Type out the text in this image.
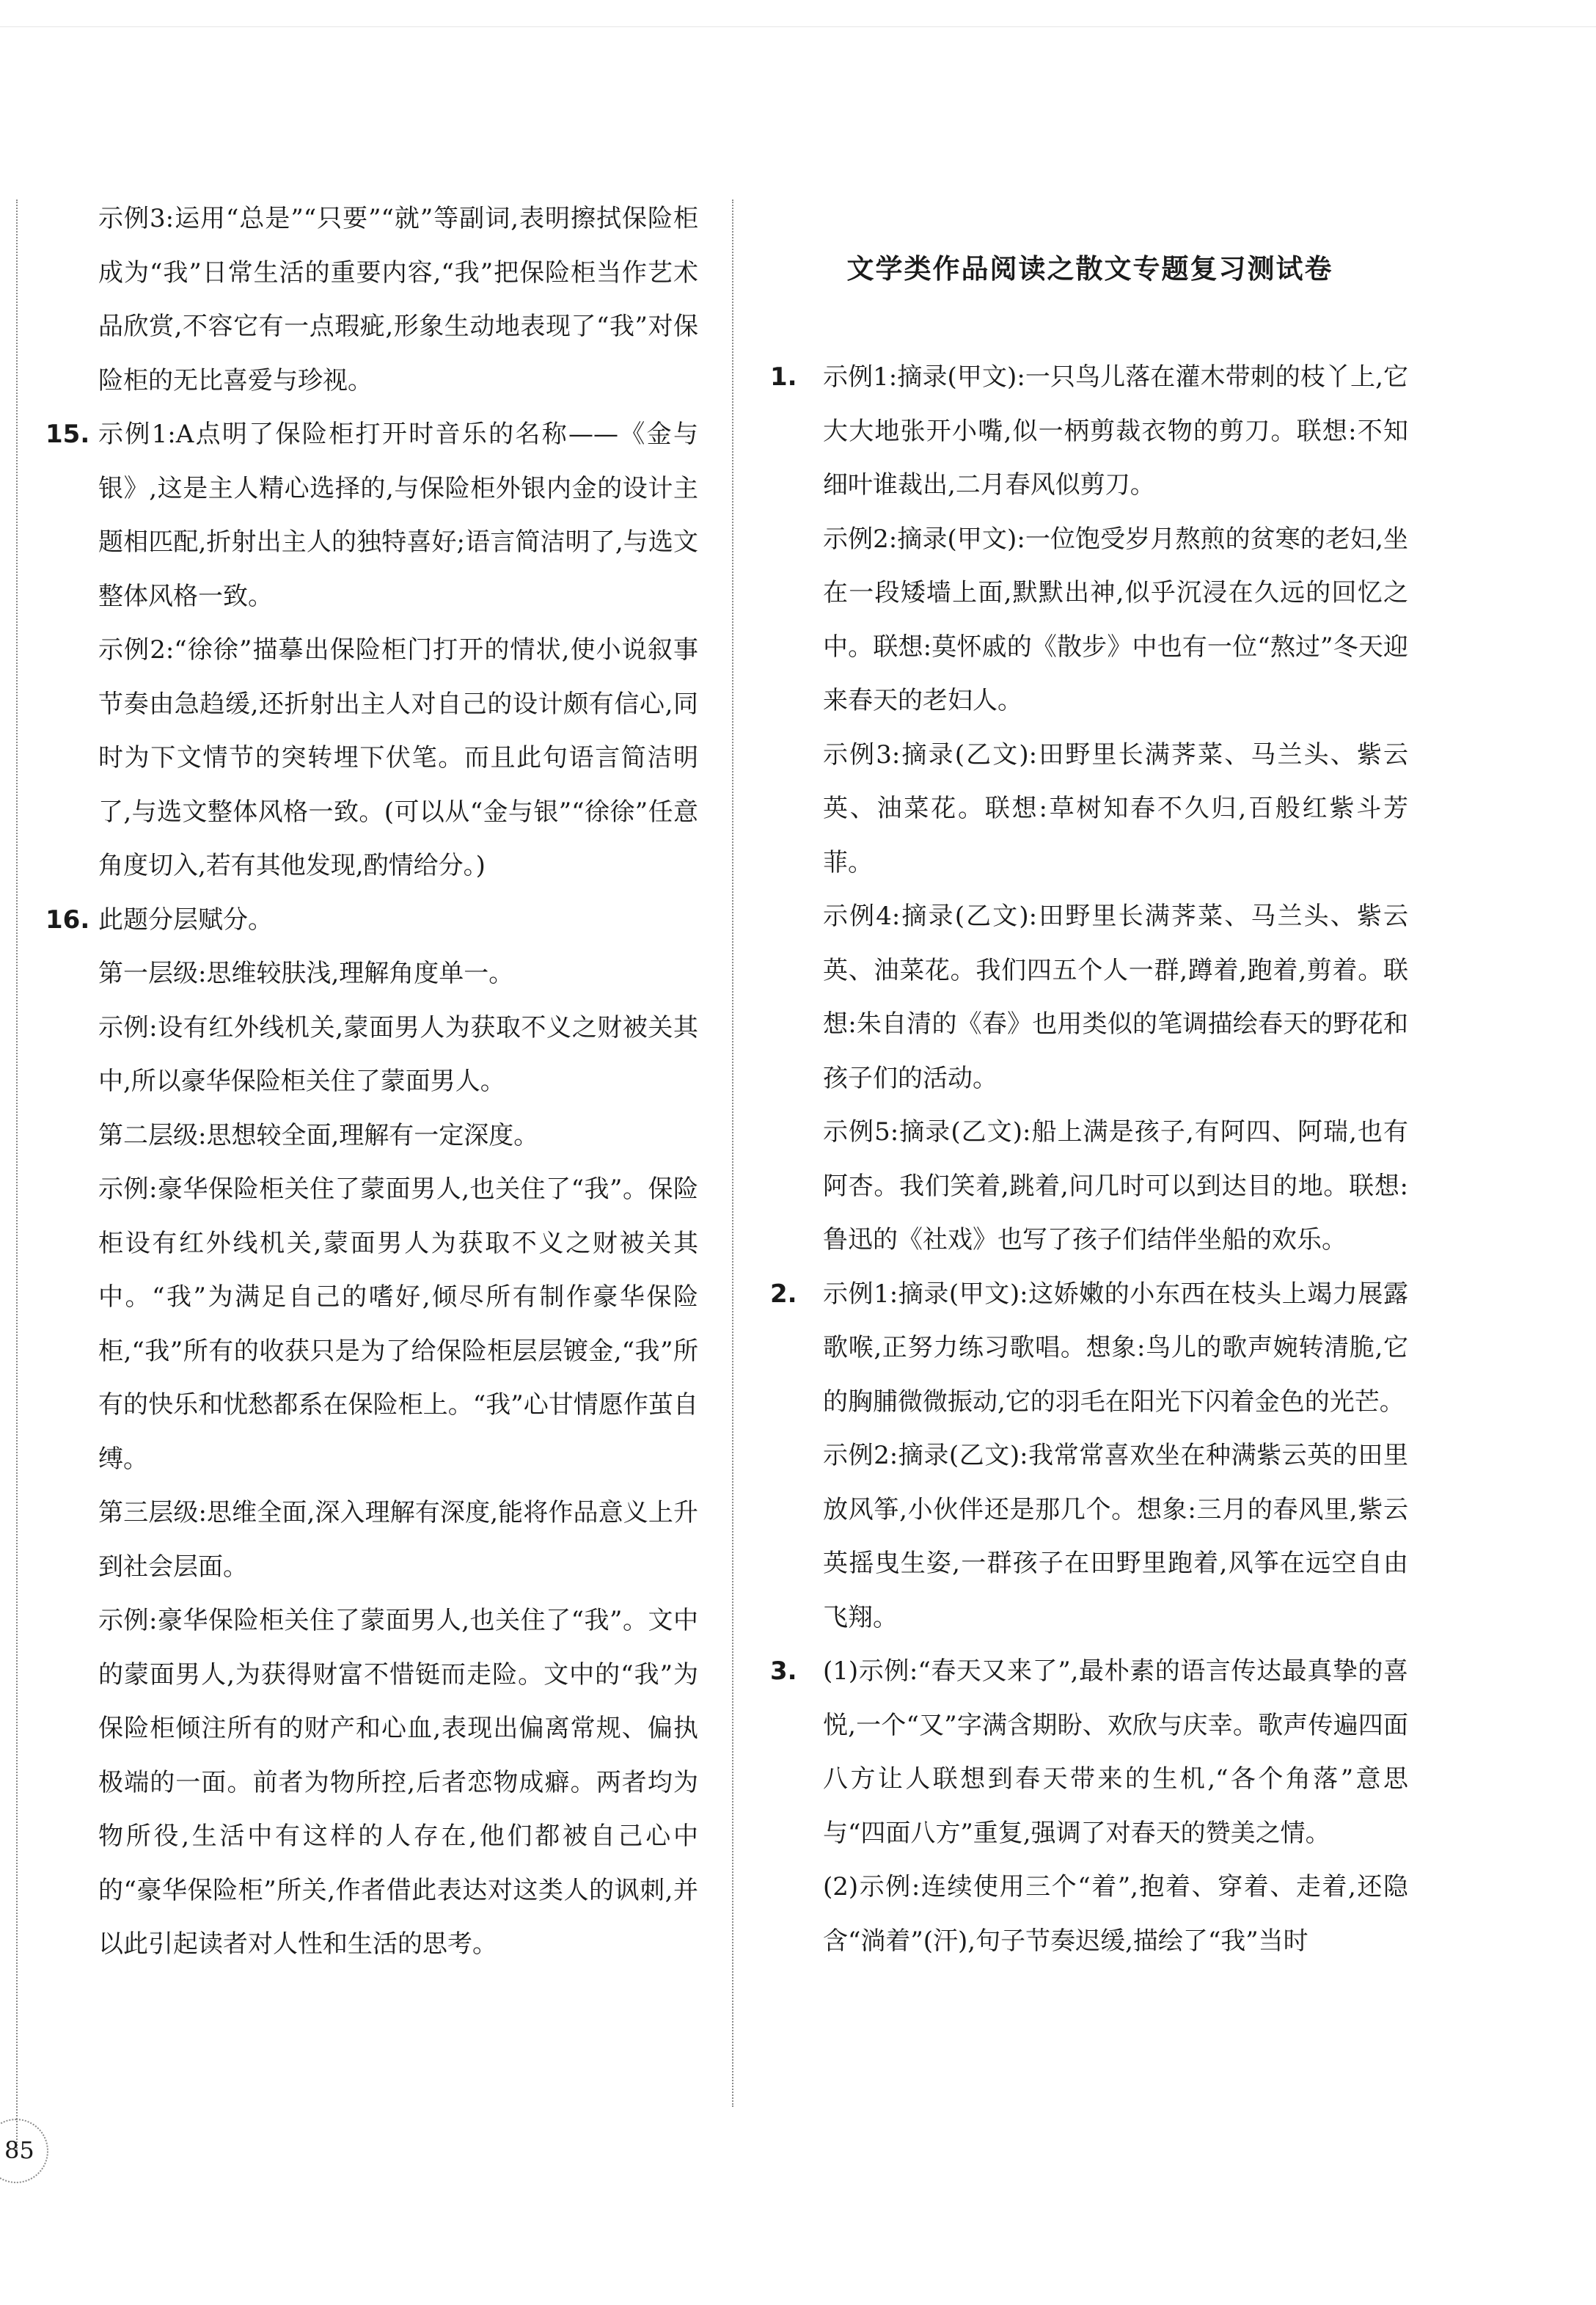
示例3:运用“总是”“只要”“就”等副词,表明擦拭保险柜成为“我”日常生活的重要内容,“我”把保险柜当作艺术品欣赏,不容它有一点瑕疵,形象生动地表现了“我”对保险柜的无比喜爱与珍视。
15. 示例1:A点明了保险柜打开时音乐的名称——《金与银》,这是主人精心选择的,与保险柜外银内金的设计主题相匹配,折射出主人的独特喜好;语言简洁明了,与选文整体风格一致。
示例2:“徐徐”描摹出保险柜门打开的情状,使小说叙事节奏由急趋缓,还折射出主人对自己的设计颇有信心,同时为下文情节的突转埋下伏笔。而且此句语言简洁明了,与选文整体风格一致。(可以从“金与银”“徐徐”任意角度切入,若有其他发现,酌情给分。)
16. 此题分层赋分。
第一层级:思维较肤浅,理解角度单一。
示例:设有红外线机关,蒙面男人为获取不义之财被关其中,所以豪华保险柜关住了蒙面男人。
第二层级:思想较全面,理解有一定深度。
示例:豪华保险柜关住了蒙面男人,也关住了“我”。保险柜设有红外线机关,蒙面男人为获取不义之财被关其中。“我”为满足自己的嗜好,倾尽所有制作豪华保险柜,“我”所有的收获只是为了给保险柜层层镀金,“我”所有的快乐和忧愁都系在保险柜上。“我”心甘情愿作茧自缚。
第三层级:思维全面,深入理解有深度,能将作品意义上升到社会层面。
示例:豪华保险柜关住了蒙面男人,也关住了“我”。文中的蒙面男人,为获得财富不惜铤而走险。文中的“我”为保险柜倾注所有的财产和心血,表现出偏离常规、偏执极端的一面。前者为物所控,后者恋物成癖。两者均为物所役,生活中有这样的人存在,他们都被自己心中的“豪华保险柜”所关,作者借此表达对这类人的讽刺,并以此引起读者对人性和生活的思考。
文学类作品阅读之散文专题复习测试卷
1. 示例1:摘录(甲文):一只鸟儿落在灌木带刺的枝丫上,它大大地张开小嘴,似一柄剪裁衣物的剪刀。联想:不知细叶谁裁出,二月春风似剪刀。
示例2:摘录(甲文):一位饱受岁月熬煎的贫寒的老妇,坐在一段矮墙上面,默默出神,似乎沉浸在久远的回忆之中。联想:莫怀戚的《散步》中也有一位“熬过”冬天迎来春天的老妇人。
示例3:摘录(乙文):田野里长满荠菜、马兰头、紫云英、油菜花。联想:草树知春不久归,百般红紫斗芳菲。
示例4:摘录(乙文):田野里长满荠菜、马兰头、紫云英、油菜花。我们四五个人一群,蹲着,跑着,剪着。联想:朱自清的《春》也用类似的笔调描绘春天的野花和孩子们的活动。
示例5:摘录(乙文):船上满是孩子,有阿四、阿瑞,也有阿杏。我们笑着,跳着,问几时可以到达目的地。联想:鲁迅的《社戏》也写了孩子们结伴坐船的欢乐。
2. 示例1:摘录(甲文):这娇嫩的小东西在枝头上竭力展露歌喉,正努力练习歌唱。想象:鸟儿的歌声婉转清脆,它的胸脯微微振动,它的羽毛在阳光下闪着金色的光芒。
示例2:摘录(乙文):我常常喜欢坐在种满紫云英的田里放风筝,小伙伴还是那几个。想象:三月的春风里,紫云英摇曳生姿,一群孩子在田野里跑着,风筝在远空自由飞翔。
3. (1)示例:“春天又来了”,最朴素的语言传达最真挚的喜悦,一个“又”字满含期盼、欢欣与庆幸。歌声传遍四面八方让人联想到春天带来的生机,“各个角落”意思与“四面八方”重复,强调了对春天的赞美之情。
(2)示例:连续使用三个“着”,抱着、穿着、走着,还隐含“淌着”(汗),句子节奏迟缓,描绘了“我”当时
85
